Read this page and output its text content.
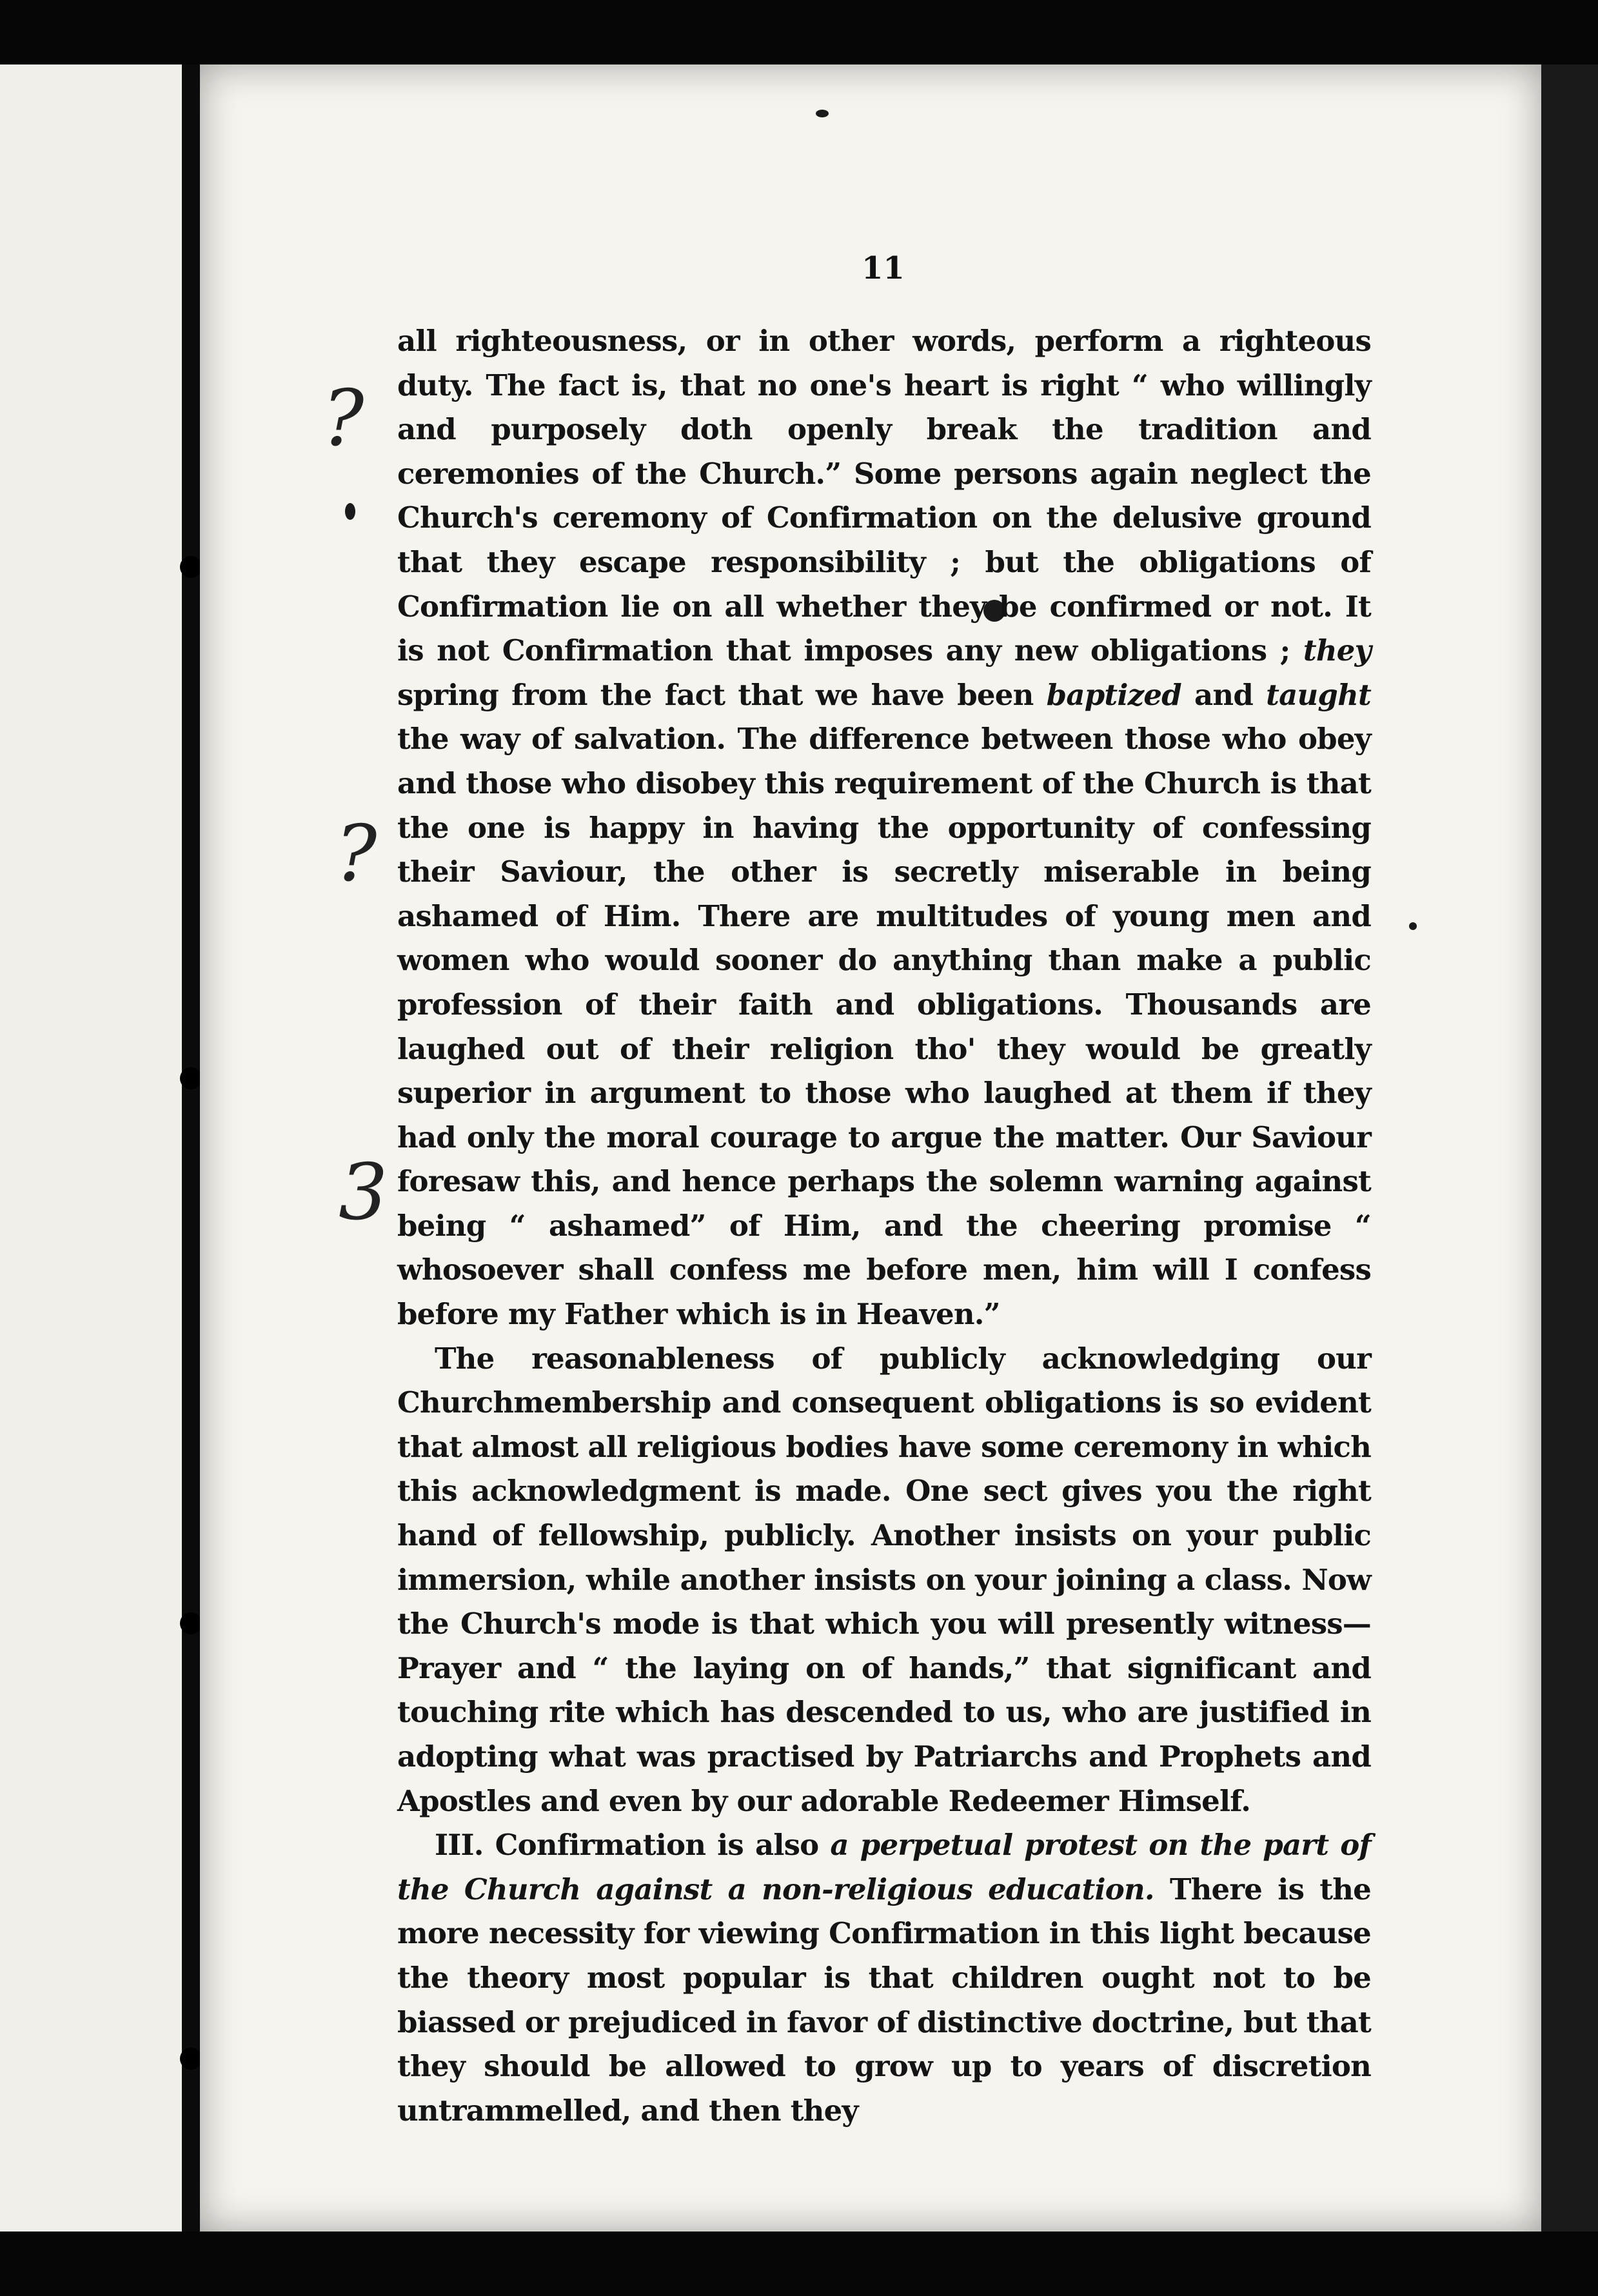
11
?
?
3

all righteousness, or in other words, perform a righteous duty. The fact is, that no one's heart is right “ who willingly and purposely doth openly break the tradition and ceremonies of the Church.” Some persons again neglect the Church's ceremony of Confirmation on the delusive ground that they escape responsibility ; but the obligations of Confirmation lie on all whether they be confirmed or not. It is not Confirmation that imposes any new obligations ; they spring from the fact that we have been baptized and taught the way of salvation. The difference between those who obey and those who disobey this requirement of the Church is that the one is happy in having the opportunity of confessing their Saviour, the other is secretly miserable in being ashamed of Him. There are multitudes of young men and women who would sooner do anything than make a public profession of their faith and obligations. Thousands are laughed out of their religion tho' they would be greatly superior in argument to those who laughed at them if they had only the moral courage to argue the matter. Our Saviour foresaw this, and hence perhaps the solemn warning against being “ ashamed” of Him, and the cheering promise “ whosoever shall confess me before men, him will I confess before my Father which is in Heaven.”

The reasonableness of publicly acknowledging our Churchmembership and consequent obligations is so evident that almost all religious bodies have some ceremony in which this acknowledgment is made. One sect gives you the right hand of fellowship, publicly. Another insists on your public immersion, while another insists on your joining a class. Now the Church's mode is that which you will presently witness—Prayer and “ the laying on of hands,” that significant and touching rite which has descended to us, who are justified in adopting what was practised by Patriarchs and Prophets and Apostles and even by our adorable Redeemer Himself.

III. Confirmation is also a perpetual protest on the part of the Church against a non-religious education. There is the more necessity for viewing Confirmation in this light because the theory most popular is that children ought not to be biassed or prejudiced in favor of distinctive doctrine, but that they should be allowed to grow up to years of discretion untrammelled, and then they
